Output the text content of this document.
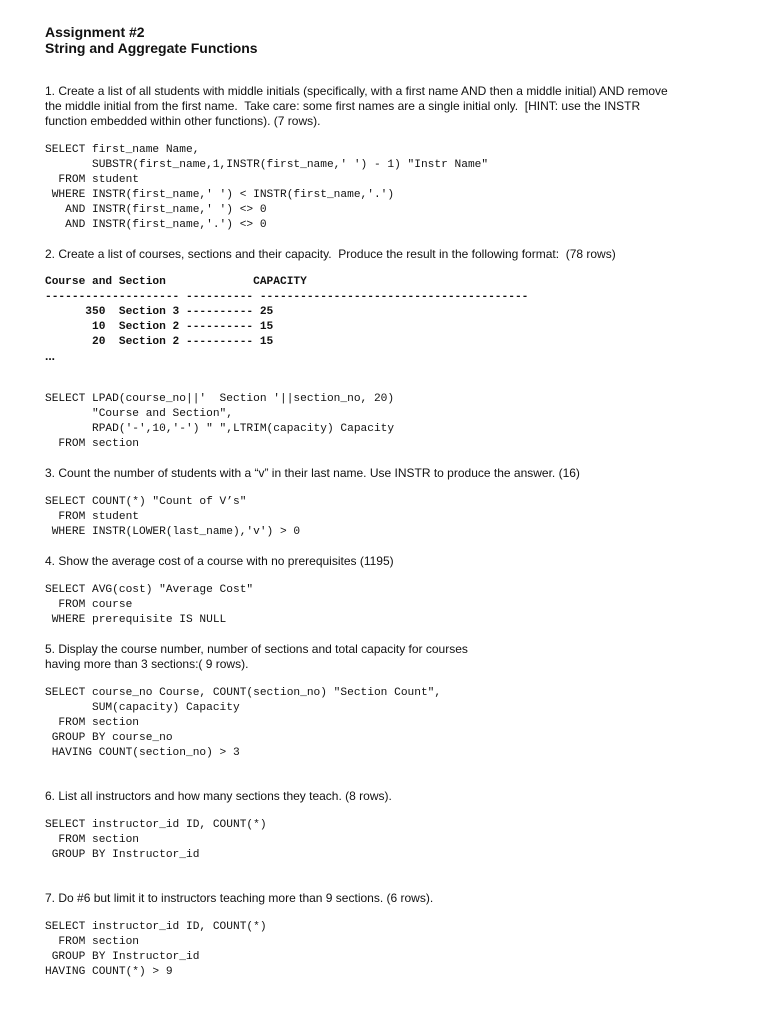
Assignment #2

String and Aggregate Functions

1. Create a list of all students with middle initials (specifically, with a first name AND then a middle initial) AND remove
the middle initial from the first name.  Take care: some first names are a single initial only.  [HINT: use the INSTR
function embedded within other functions). (7 rows).

SELECT first_name Name,
SUBSTR(first_name,1,INSTR(first_name,' ') - 1) "Instr Name"
FROM student
WHERE INSTR(first_name,' ') < INSTR(first_name,'.')
AND INSTR(first_name,' ') <> 0
AND INSTR(first_name,'.') <> 0

2. Create a list of courses, sections and their capacity.  Produce the result in the following format:  (78 rows)

Course and Section             CAPACITY
-------------------- ---------- ----------------------------------------
350  Section 3 ---------- 25
10  Section 2 ---------- 15
20  Section 2 ---------- 15

...

SELECT LPAD(course_no||'  Section '||section_no, 20)
"Course and Section",
RPAD('-',10,'-') " ",LTRIM(capacity) Capacity
FROM section

3. Count the number of students with a “v” in their last name. Use INSTR to produce the answer. (16)

SELECT COUNT(*) "Count of V’s"
FROM student
WHERE INSTR(LOWER(last_name),'v') > 0

4. Show the average cost of a course with no prerequisites (1195)

SELECT AVG(cost) "Average Cost"
FROM course
WHERE prerequisite IS NULL

5. Display the course number, number of sections and total capacity for courses
having more than 3 sections:( 9 rows).

SELECT course_no Course, COUNT(section_no) "Section Count",
SUM(capacity) Capacity
FROM section
GROUP BY course_no
HAVING COUNT(section_no) > 3

6. List all instructors and how many sections they teach. (8 rows).

SELECT instructor_id ID, COUNT(*)
FROM section
GROUP BY Instructor_id

7. Do #6 but limit it to instructors teaching more than 9 sections. (6 rows).

SELECT instructor_id ID, COUNT(*)
FROM section
GROUP BY Instructor_id
HAVING COUNT(*) > 9
